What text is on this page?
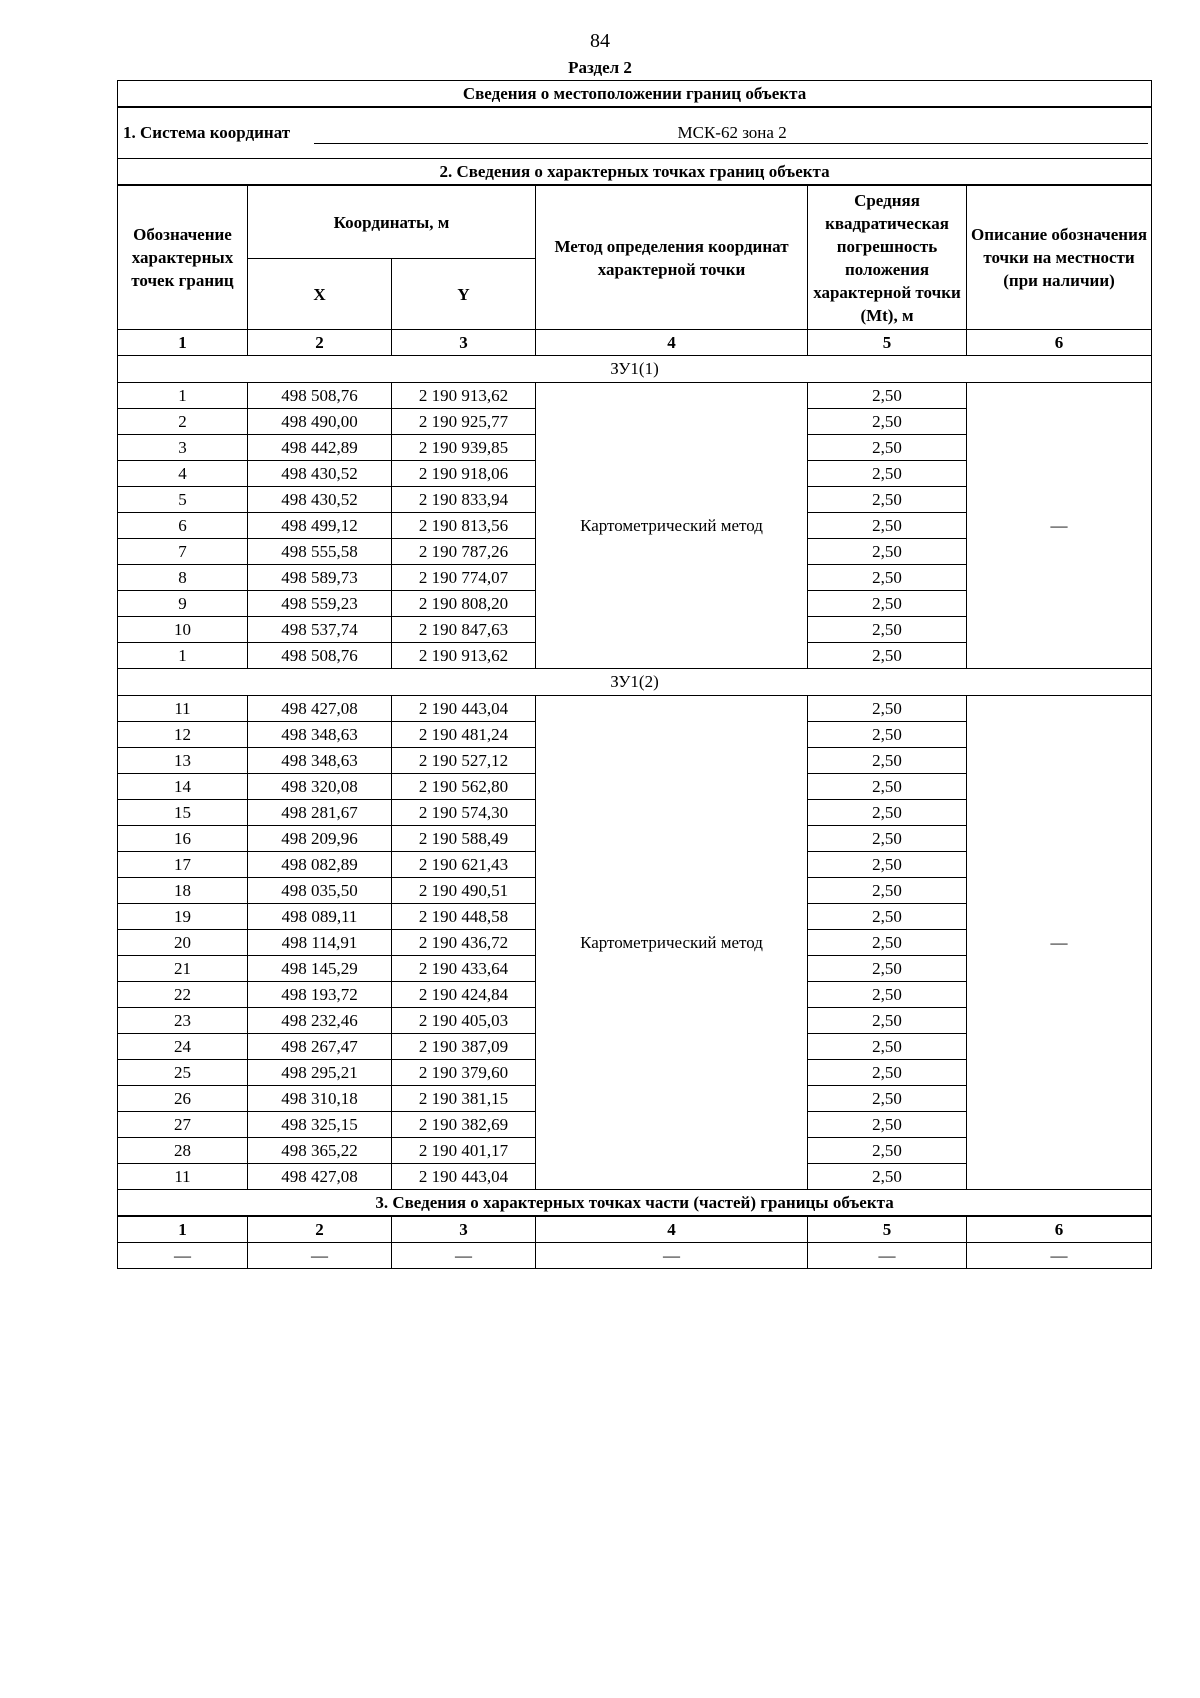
84
Раздел 2
Сведения о местоположении границ объекта					

1. Система координат МСК-62 зона 2					

2. Сведения о характерных точках границ объекта					
Обозначение характерных точек границ	Координаты, м		Метод определения координат характерной точки	Средняя квадратическая погрешность положения характерной точки (Mt), м	Описание обозначения точки на местности (при наличии)
	X	Y			
1	2	3	4	5	6
ЗУ1(1)					
1	498 508,76	2 190 913,62	Картометрический метод	2,50	—
2	498 490,00	2 190 925,77		2,50	
3	498 442,89	2 190 939,85		2,50	
4	498 430,52	2 190 918,06		2,50	
5	498 430,52	2 190 833,94		2,50	
6	498 499,12	2 190 813,56		2,50	
7	498 555,58	2 190 787,26		2,50	
8	498 589,73	2 190 774,07		2,50	
9	498 559,23	2 190 808,20		2,50	
10	498 537,74	2 190 847,63		2,50	
1	498 508,76	2 190 913,62		2,50	
ЗУ1(2)					
11	498 427,08	2 190 443,04	Картометрический метод	2,50	—
12	498 348,63	2 190 481,24		2,50	
13	498 348,63	2 190 527,12		2,50	
14	498 320,08	2 190 562,80		2,50	
15	498 281,67	2 190 574,30		2,50	
16	498 209,96	2 190 588,49		2,50	
17	498 082,89	2 190 621,43		2,50	
18	498 035,50	2 190 490,51		2,50	
19	498 089,11	2 190 448,58		2,50	
20	498 114,91	2 190 436,72		2,50	
21	498 145,29	2 190 433,64		2,50	
22	498 193,72	2 190 424,84		2,50	
23	498 232,46	2 190 405,03		2,50	
24	498 267,47	2 190 387,09		2,50	
25	498 295,21	2 190 379,60		2,50	
26	498 310,18	2 190 381,15		2,50	
27	498 325,15	2 190 382,69		2,50	
28	498 365,22	2 190 401,17		2,50	
11	498 427,08	2 190 443,04		2,50	
3. Сведения о характерных точках части (частей) границы объекта					
1	2	3	4	5	6
—	—	—	—	—	—
